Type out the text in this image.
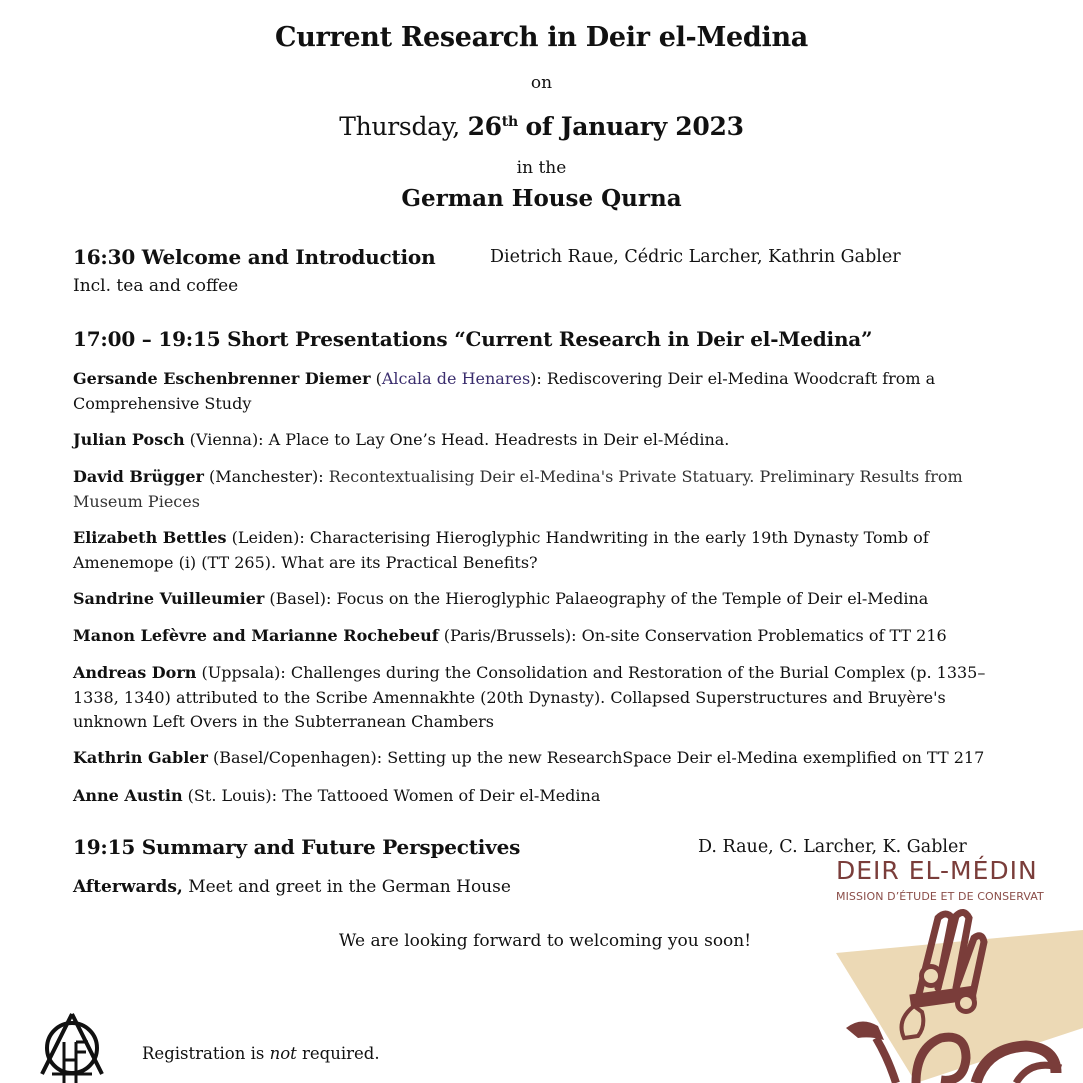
Current Research in Deir el-Medina
on
Thursday, 26th of January 2023
in the
German House Qurna
16:30 Welcome and Introduction	Dietrich Raue, Cédric Larcher, Kathrin Gabler
Incl. tea and coffee
17:00 – 19:15 Short Presentations “Current Research in Deir el-Medina”
Gersande Eschenbrenner Diemer (Alcala de Henares): Rediscovering Deir el-Medina Woodcraft from a Comprehensive Study
Julian Posch (Vienna): A Place to Lay One’s Head. Headrests in Deir el-Médina.
David Brügger (Manchester): Recontextualising Deir el-Medina's Private Statuary. Preliminary Results from Museum Pieces
Elizabeth Bettles (Leiden): Characterising Hieroglyphic Handwriting in the early 19th Dynasty Tomb of Amenemope (i) (TT 265). What are its Practical Benefits?
Sandrine Vuilleumier (Basel): Focus on the Hieroglyphic Palaeography of the Temple of Deir el-Medina
Manon Lefèvre and Marianne Rochebeuf (Paris/Brussels): On-site Conservation Problematics of TT 216
Andreas Dorn (Uppsala): Challenges during the Consolidation and Restoration of the Burial Complex (p. 1335–1338, 1340) attributed to the Scribe Amennakhte (20th Dynasty). Collapsed Superstructures and Bruyère's unknown Left Overs in the Subterranean Chambers
Kathrin Gabler (Basel/Copenhagen): Setting up the new ResearchSpace Deir el-Medina exemplified on TT 217
Anne Austin (St. Louis): The Tattooed Women of Deir el-Medina
19:15 Summary and Future Perspectives	D. Raue, C. Larcher, K. Gabler
Afterwards, Meet and greet in the German House
We are looking forward to welcoming you soon!
Registration is not required.
DEIR EL-MÉDIN
MISSION D’ÉTUDE ET DE CONSERVAT
